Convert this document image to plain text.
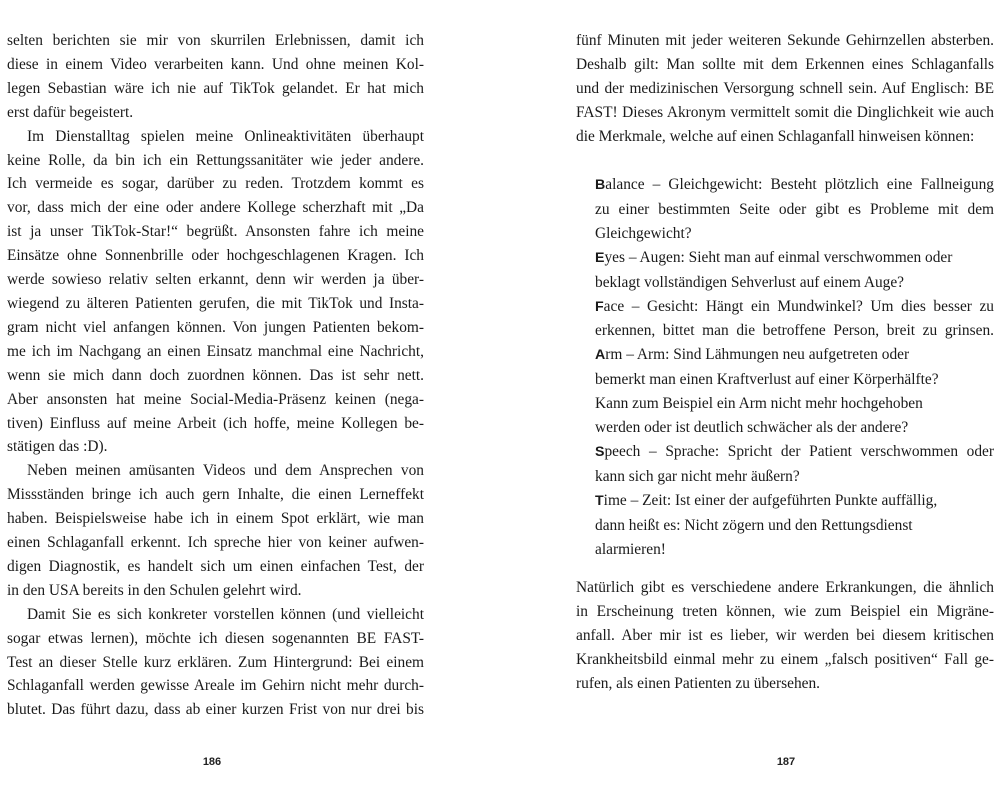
selten berichten sie mir von skurrilen Erlebnissen, damit ich
diese in einem Video verarbeiten kann. Und ohne meinen Kol-
legen Sebastian wäre ich nie auf TikTok gelandet. Er hat mich
erst dafür begeistert.
Im Dienstalltag spielen meine Onlineaktivitäten überhaupt
keine Rolle, da bin ich ein Rettungssanitäter wie jeder andere.
Ich vermeide es sogar, darüber zu reden. Trotzdem kommt es
vor, dass mich der eine oder andere Kollege scherzhaft mit „Da
ist ja unser TikTok-Star!“ begrüßt. Ansonsten fahre ich meine
Einsätze ohne Sonnenbrille oder hochgeschlagenen Kragen. Ich
werde sowieso relativ selten erkannt, denn wir werden ja über-
wiegend zu älteren Patienten gerufen, die mit TikTok und Insta-
gram nicht viel anfangen können. Von jungen Patienten bekom-
me ich im Nachgang an einen Einsatz manchmal eine Nachricht,
wenn sie mich dann doch zuordnen können. Das ist sehr nett.
Aber ansonsten hat meine Social-Media-Präsenz keinen (nega-
tiven) Einfluss auf meine Arbeit (ich hoffe, meine Kollegen be-
stätigen das :D).
Neben meinen amüsanten Videos und dem Ansprechen von
Missständen bringe ich auch gern Inhalte, die einen Lerneffekt
haben. Beispielsweise habe ich in einem Spot erklärt, wie man
einen Schlaganfall erkennt. Ich spreche hier von keiner aufwen-
digen Diagnostik, es handelt sich um einen einfachen Test, der
in den USA bereits in den Schulen gelehrt wird.
Damit Sie es sich konkreter vorstellen können (und vielleicht
sogar etwas lernen), möchte ich diesen sogenannten BE FAST-
Test an dieser Stelle kurz erklären. Zum Hintergrund: Bei einem
Schlaganfall werden gewisse Areale im Gehirn nicht mehr durch-
blutet. Das führt dazu, dass ab einer kurzen Frist von nur drei bis
186
fünf Minuten mit jeder weiteren Sekunde Gehirnzellen absterben.
Deshalb gilt: Man sollte mit dem Erkennen eines Schlaganfalls
und der medizinischen Versorgung schnell sein. Auf Englisch: BE
FAST! Dieses Akronym vermittelt somit die Dinglichkeit wie auch
die Merkmale, welche auf einen Schlaganfall hinweisen können:
Balance – Gleichgewicht: Besteht plötzlich eine Fallneigung
zu einer bestimmten Seite oder gibt es Probleme mit dem
Gleichgewicht?
Eyes – Augen: Sieht man auf einmal verschwommen oder
beklagt vollständigen Sehverlust auf einem Auge?
Face – Gesicht: Hängt ein Mundwinkel? Um dies besser zu
erkennen, bittet man die betroffene Person, breit zu grinsen.
Arm – Arm: Sind Lähmungen neu aufgetreten oder
bemerkt man einen Kraftverlust auf einer Körperhälfte?
Kann zum Beispiel ein Arm nicht mehr hochgehoben
werden oder ist deutlich schwächer als der andere?
Speech – Sprache: Spricht der Patient verschwommen oder
kann sich gar nicht mehr äußern?
Time – Zeit: Ist einer der aufgeführten Punkte auffällig,
dann heißt es: Nicht zögern und den Rettungsdienst
alarmieren!
Natürlich gibt es verschiedene andere Erkrankungen, die ähnlich
in Erscheinung treten können, wie zum Beispiel ein Migräne-
anfall. Aber mir ist es lieber, wir werden bei diesem kritischen
Krankheitsbild einmal mehr zu einem „falsch positiven“ Fall ge-
rufen, als einen Patienten zu übersehen.
187
